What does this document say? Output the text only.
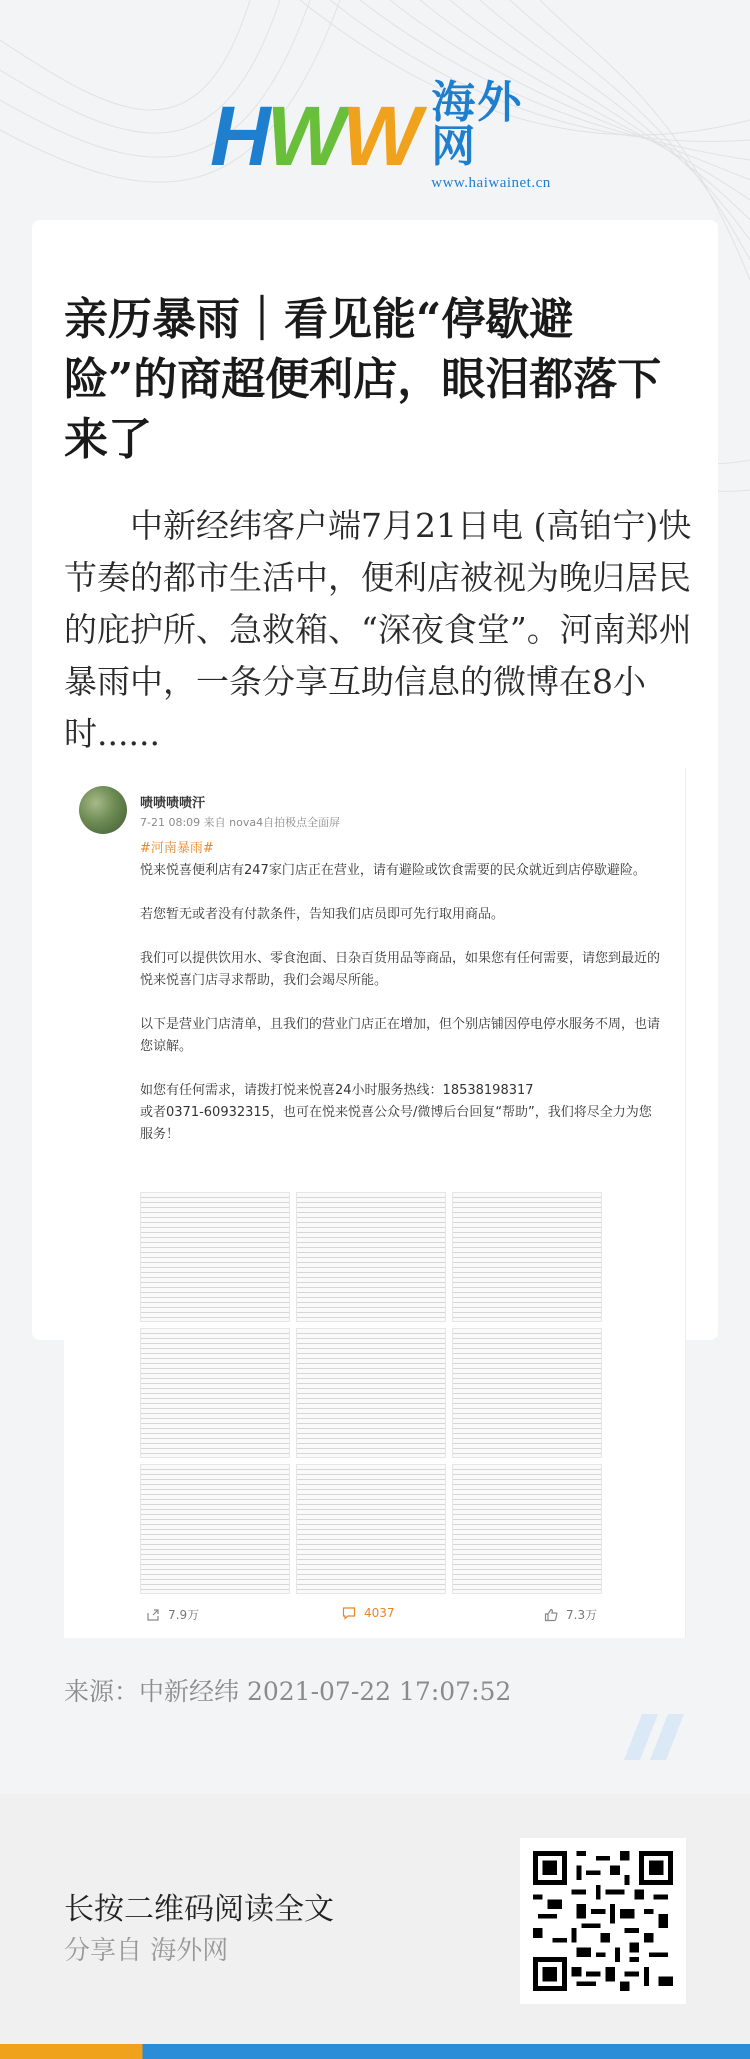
HWW 海外网
www.haiwainet.cn
亲历暴雨｜看见能“停歇避险”的商超便利店，眼泪都落下来了

中新经纬客户端7月21日电 (高铂宁)快节奏的都市生活中，便利店被视为晚归居民的庇护所、急救箱、“深夜食堂”。河南郑州暴雨中，一条分享互助信息的微博在8小时......

啧啧啧啧汗
7-21 08:09 来自 nova4自拍极点全面屏
#河南暴雨#

悦来悦喜便利店有247家门店正在营业，请有避险或饮食需要的民众就近到店停歇避险。

若您暂无或者没有付款条件，告知我们店员即可先行取用商品。

我们可以提供饮用水、零食泡面、日杂百货用品等商品，如果您有任何需要，请您到最近的悦来悦喜门店寻求帮助，我们会竭尽所能。

以下是营业门店清单，且我们的营业门店正在增加，但个别店铺因停电停水服务不周，也请您谅解。

如您有任何需求，请拨打悦来悦喜24小时服务热线：18538198317
或者0371-60932315，也可在悦来悦喜公众号/微博后台回复“帮助”，我们将尽全力为您服务！

7.9万	4037	7.3万
来源：中新经纬 2021-07-22 17:07:52
长按二维码阅读全文
分享自 海外网
